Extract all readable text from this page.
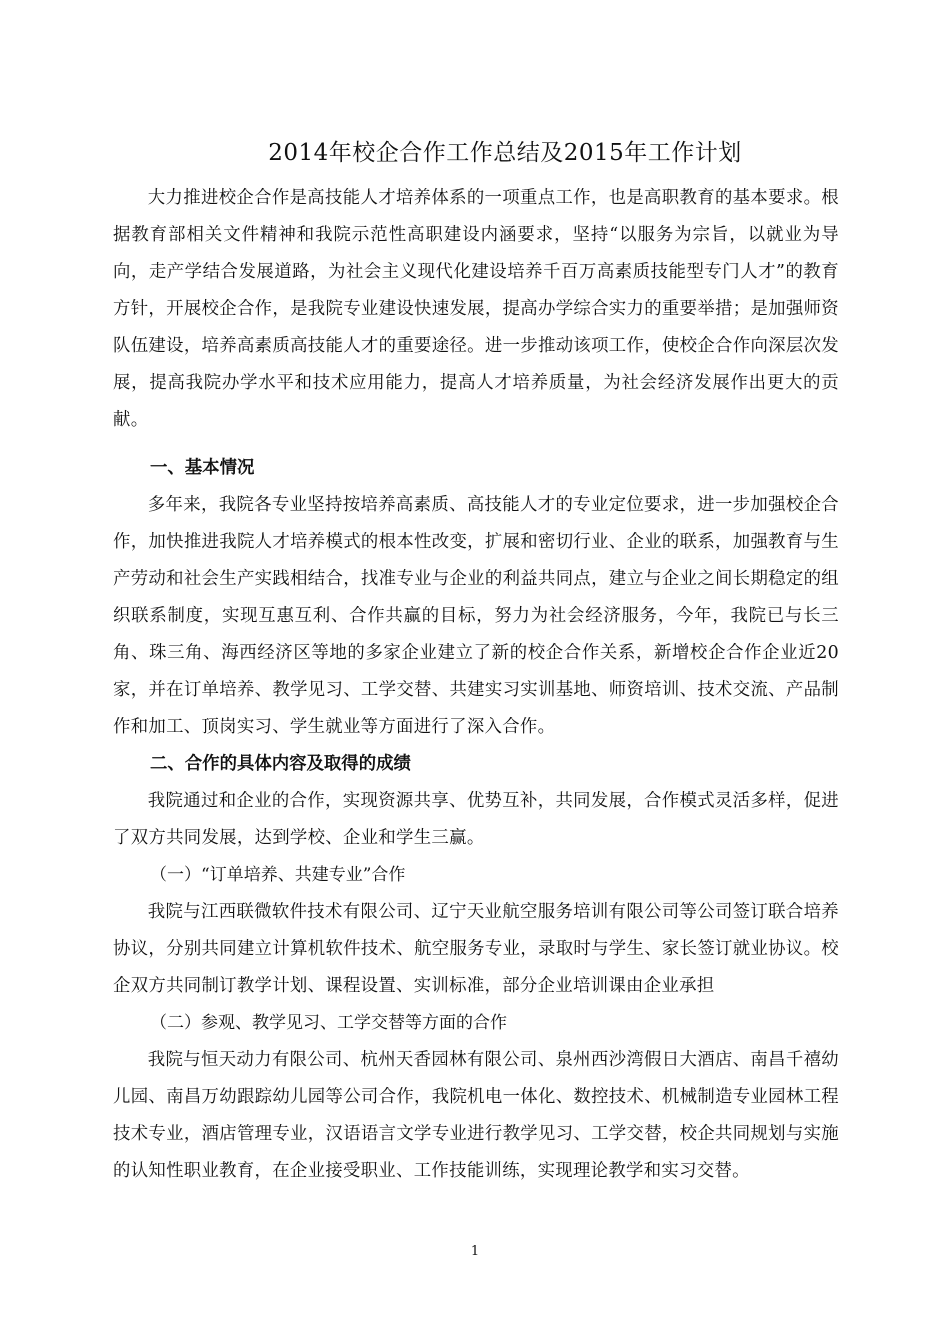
2014年校企合作工作总结及2015年工作计划
大力推进校企合作是高技能人才培养体系的一项重点工作，也是高职教育的基本要求。根据教育部相关文件精神和我院示范性高职建设内涵要求，坚持“以服务为宗旨，以就业为导向，走产学结合发展道路，为社会主义现代化建设培养千百万高素质技能型专门人才”的教育方针，开展校企合作，是我院专业建设快速发展，提高办学综合实力的重要举措；是加强师资队伍建设，培养高素质高技能人才的重要途径。进一步推动该项工作，使校企合作向深层次发展，提高我院办学水平和技术应用能力，提高人才培养质量，为社会经济发展作出更大的贡献。
一、基本情况
多年来，我院各专业坚持按培养高素质、高技能人才的专业定位要求，进一步加强校企合作，加快推进我院人才培养模式的根本性改变，扩展和密切行业、企业的联系，加强教育与生产劳动和社会生产实践相结合，找准专业与企业的利益共同点，建立与企业之间长期稳定的组织联系制度，实现互惠互利、合作共赢的目标，努力为社会经济服务，今年，我院已与长三角、珠三角、海西经济区等地的多家企业建立了新的校企合作关系，新增校企合作企业近20家，并在订单培养、教学见习、工学交替、共建实习实训基地、师资培训、技术交流、产品制作和加工、顶岗实习、学生就业等方面进行了深入合作。
二、合作的具体内容及取得的成绩
我院通过和企业的合作，实现资源共享、优势互补，共同发展，合作模式灵活多样，促进了双方共同发展，达到学校、企业和学生三赢。
（一）“订单培养、共建专业”合作
我院与江西联微软件技术有限公司、辽宁天业航空服务培训有限公司等公司签订联合培养协议，分别共同建立计算机软件技术、航空服务专业，录取时与学生、家长签订就业协议。校企双方共同制订教学计划、课程设置、实训标准，部分企业培训课由企业承担
（二）参观、教学见习、工学交替等方面的合作
我院与恒天动力有限公司、杭州天香园林有限公司、泉州西沙湾假日大酒店、南昌千禧幼儿园、南昌万幼跟踪幼儿园等公司合作，我院机电一体化、数控技术、机械制造专业园林工程技术专业，酒店管理专业，汉语语言文学专业进行教学见习、工学交替，校企共同规划与实施的认知性职业教育，在企业接受职业、工作技能训练，实现理论教学和实习交替。
1
